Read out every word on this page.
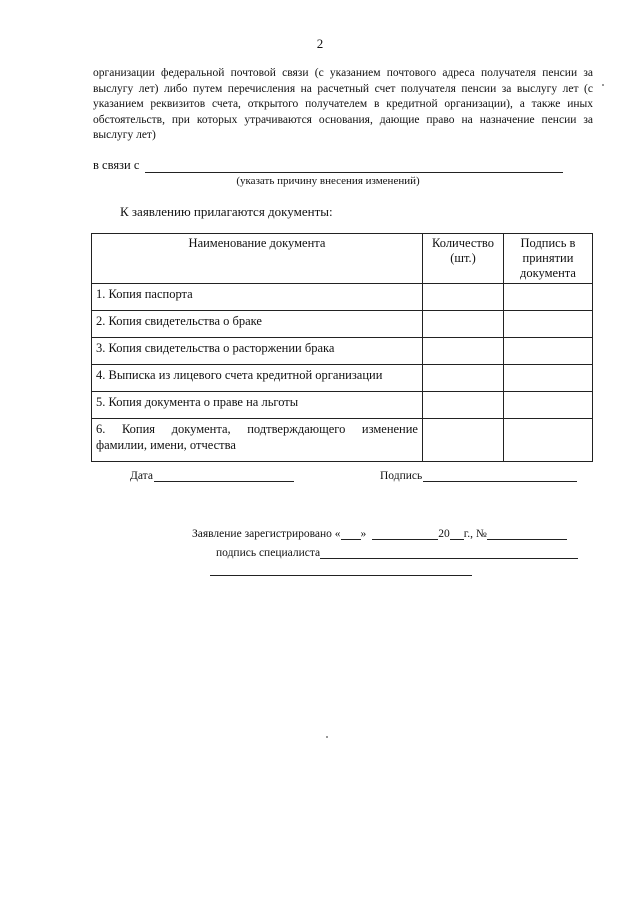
2
организации федеральной почтовой связи (с указанием почтового адреса получателя пенсии за выслугу лет) либо путем перечисления на расчетный счет получателя пенсии за выслугу лет (с указанием реквизитов счета, открытого получателем в кредитной организации), а также иных обстоятельств, при которых утрачиваются основания, дающие право на назначение пенсии за выслугу лет)
в связи с
(указать причину внесения изменений)
К заявлению прилагаются документы:
Наименование документа	Количество (шт.)	Подпись в принятии документа
1. Копия паспорта		
2. Копия свидетельства о браке		
3. Копия свидетельства о расторжении брака		
4. Выписка из лицевого счета кредитной организации		
5. Копия документа о праве на льготы		
6. Копия документа, подтверждающего изменение фамилии, имени, отчества		
Дата	Подпись
Заявление зарегистрировано « »	20 г., №
подпись специалиста
